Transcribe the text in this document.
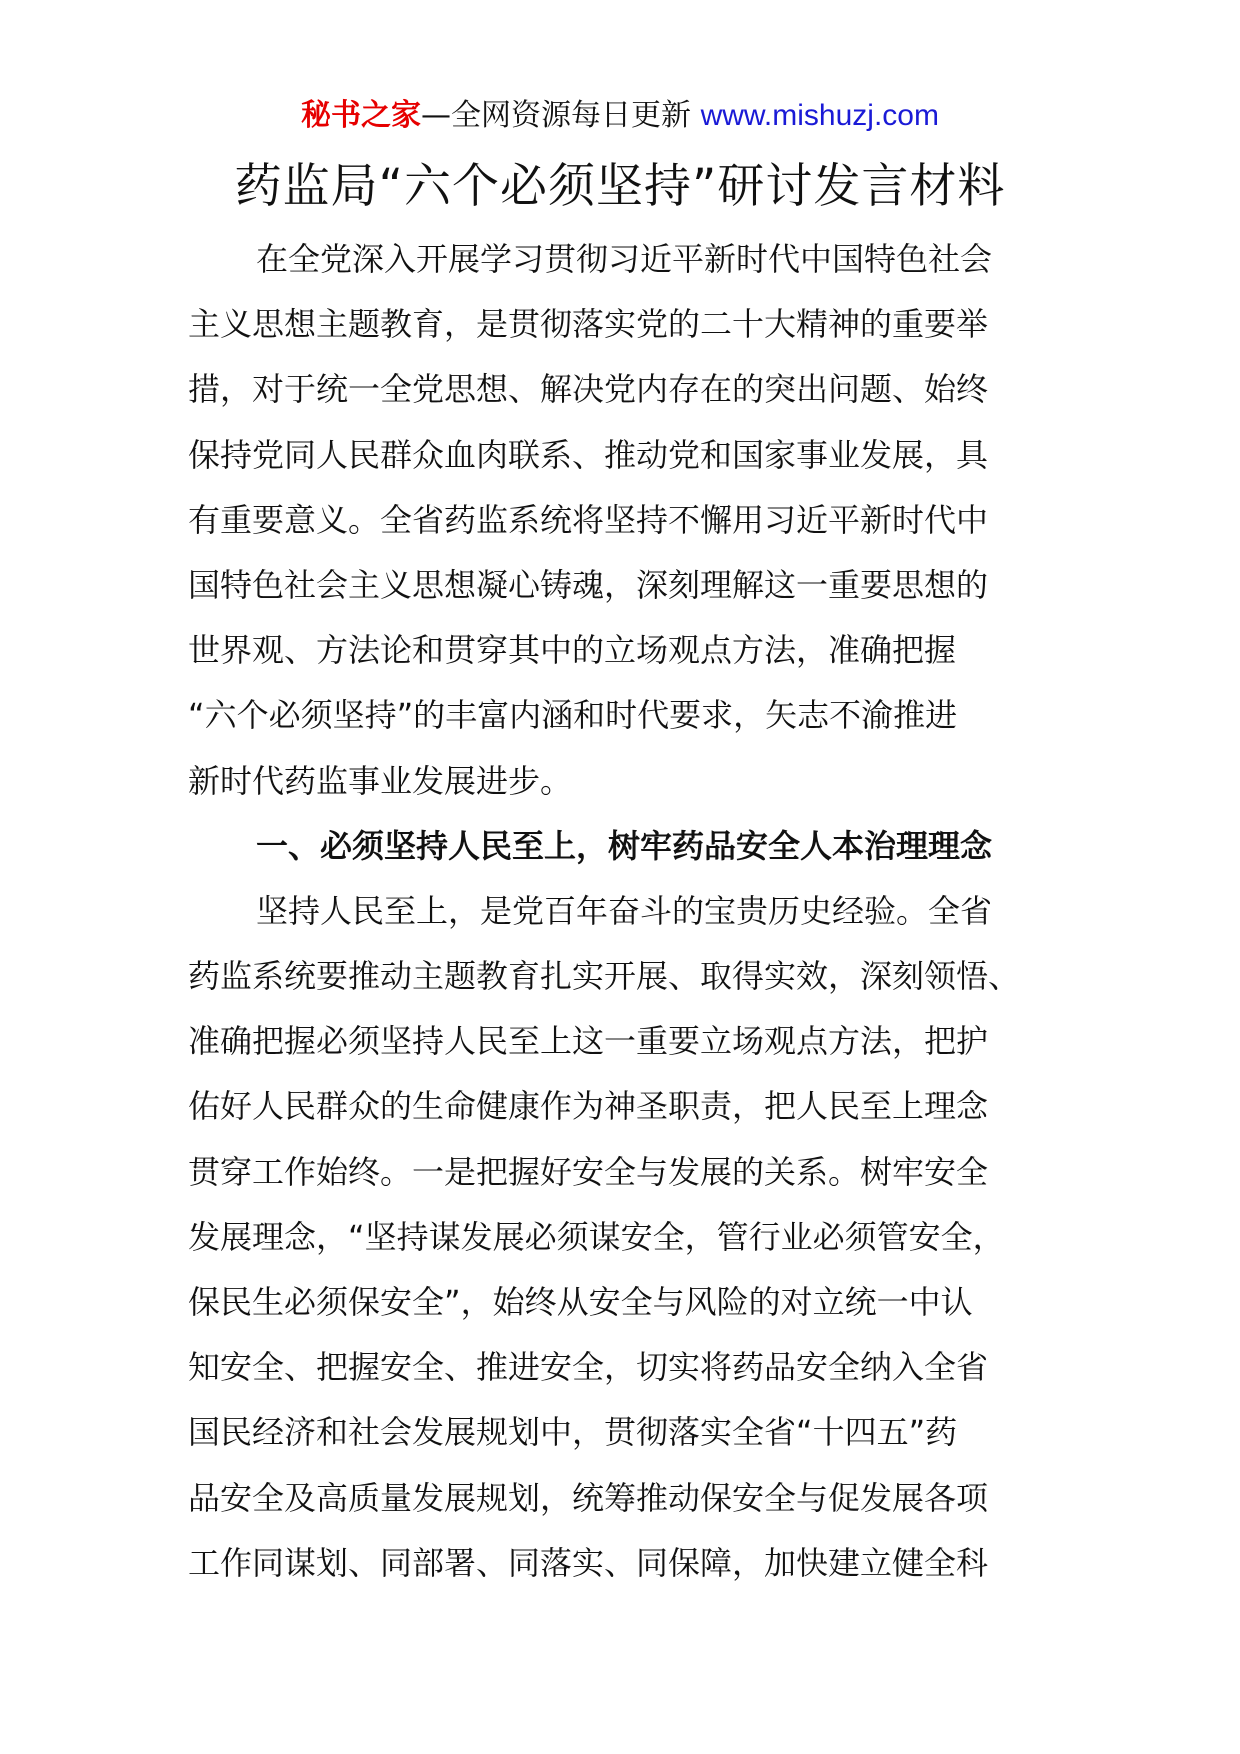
秘书之家—全网资源每日更新 www.mishuzj.com
药监局“六个必须坚持”研讨发言材料
在全党深入开展学习贯彻习近平新时代中国特色社会
主义思想主题教育，是贯彻落实党的二十大精神的重要举
措，对于统一全党思想、解决党内存在的突出问题、始终
保持党同人民群众血肉联系、推动党和国家事业发展，具
有重要意义。全省药监系统将坚持不懈用习近平新时代中
国特色社会主义思想凝心铸魂，深刻理解这一重要思想的
世界观、方法论和贯穿其中的立场观点方法，准确把握
“六个必须坚持”的丰富内涵和时代要求，矢志不渝推进
新时代药监事业发展进步。
一、必须坚持人民至上，树牢药品安全人本治理理念
坚持人民至上，是党百年奋斗的宝贵历史经验。全省
药监系统要推动主题教育扎实开展、取得实效，深刻领悟、
准确把握必须坚持人民至上这一重要立场观点方法，把护
佑好人民群众的生命健康作为神圣职责，把人民至上理念
贯穿工作始终。一是把握好安全与发展的关系。树牢安全
发展理念，“坚持谋发展必须谋安全，管行业必须管安全，
保民生必须保安全”，始终从安全与风险的对立统一中认
知安全、把握安全、推进安全，切实将药品安全纳入全省
国民经济和社会发展规划中，贯彻落实全省“十四五”药
品安全及高质量发展规划，统筹推动保安全与促发展各项
工作同谋划、同部署、同落实、同保障，加快建立健全科
